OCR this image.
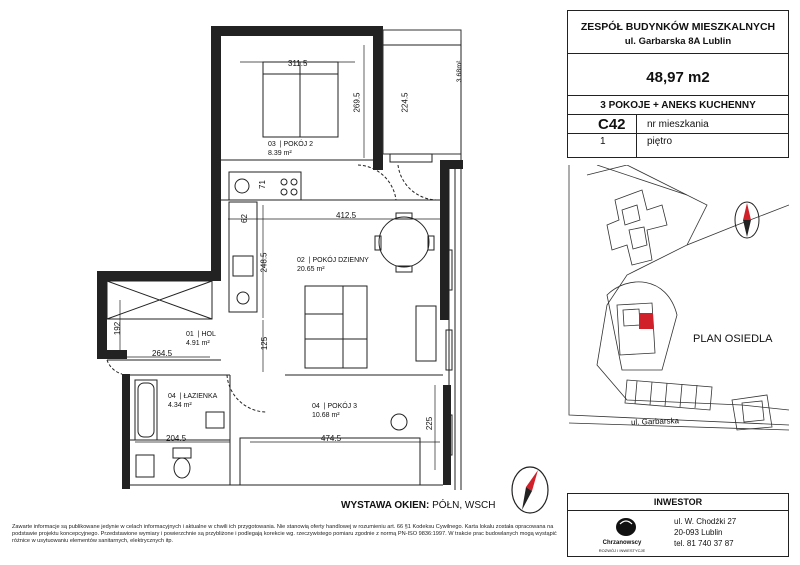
311.5
269.5	224.5
3.68m²
71
62	412.5
248.5
192
264.5
125
204.5	474.5
225
03  | POKÓJ 2
8.39 m²
02  | POKÓJ DZIENNY
20.65 m²
01  | HOL
4.91 m²
04  | ŁAZIENKA
4.34 m²	04  | POKÓJ 3
10.68 m²
ZESPÓŁ BUDYNKÓW MIESZKALNYCH
ul. Garbarska 8A Lublin
48,97 m2
3 POKOJE + ANEKS KUCHENNY
C42 nr mieszkania
1	piętro
PLAN OSIEDLA
ul. Garbarska
WYSTAWA OKIEN: PÓŁN, WSCH
Zawarte informacje są publikowane jedynie w celach informacyjnych i aktualne w chwili ich przygotowania. Nie stanowią oferty handlowej w rozumieniu art. 66 §1 Kodeksu Cywilnego. Karta lokalu została opracowana na podstawie projektu koncepcyjnego. Przedstawione wymiary i powierzchnie są przybliżone i podlegają korekcie wg. rzeczywistego pomiaru zgodnie z normą PN-ISO 9836:1997. W trakcie prac budowlanych mogą wystąpić różnice w usytuowaniu elementów sanitarnych, elektrycznych itp.
INWESTOR
Chrzanowscy
ROZWÓJ I INWESTYCJE
ul. W. Chodźki 27
20-093 Lublin
tel. 81 740 37 87
